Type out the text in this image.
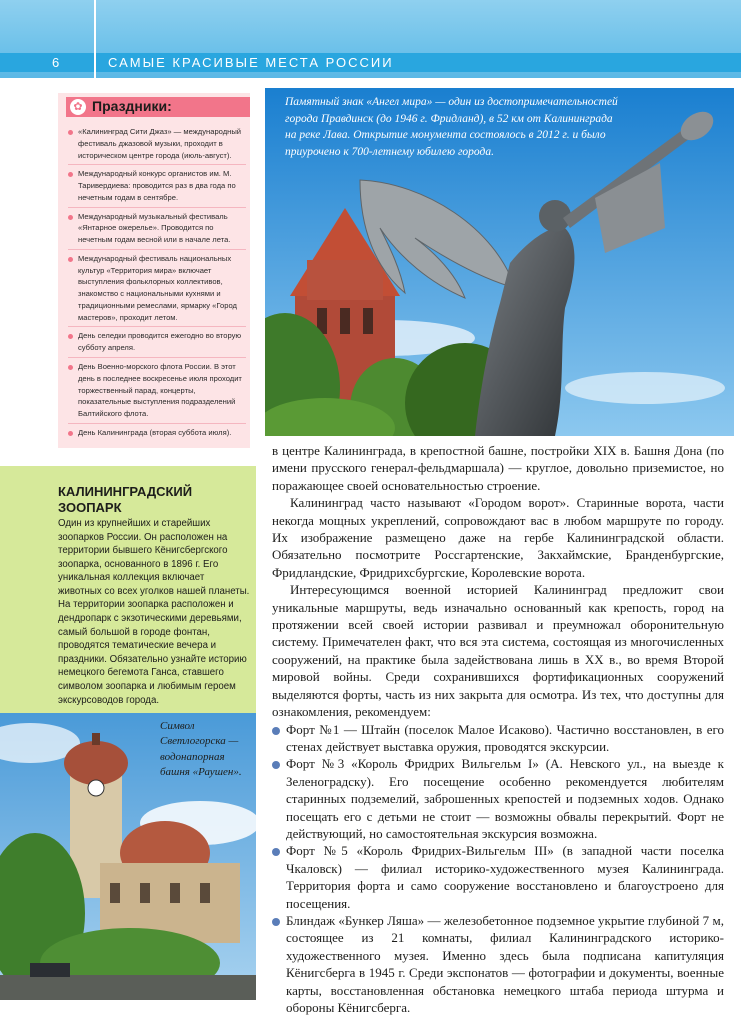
6	САМЫЕ КРАСИВЫЕ МЕСТА РОССИИ
✿ Праздники:
«Калининград Сити Джаз» — международный фестиваль джазовой музыки, проходит в историческом центре города (июль-август).
Международный конкурс органистов им. М. Таривердиева: проводится раз в два года по нечетным годам в сентябре.
Международный музыкальный фестиваль «Янтарное ожерелье». Проводится по нечетным годам весной или в начале лета.
Международный фестиваль национальных культур «Территория мира» включает выступления фольклорных коллективов, знакомство с национальными кухнями и традиционными ремеслами, ярмарку «Город мастеров», проходит летом.
День селедки проводится ежегодно во вторую субботу апреля.
День Военно-морского флота России. В этот день в последнее воскресенье июля проходит торжественный парад, концерты, показательные выступления подразделений Балтийского флота.
День Калининграда (вторая суббота июля).
КАЛИНИНГРАДСКИЙ ЗООПАРК
Один из крупнейших и старейших зоопарков России. Он расположен на территории бывшего Кёнигсбергского зоопарка, основанного в 1896 г. Его уникальная коллекция включает животных со всех уголков нашей планеты. На территории зоопарка расположен и дендропарк с экзотическими деревьями, самый большой в городе фонтан, проводятся тематические вечера и праздники. Обязательно узнайте историю немецкого бегемота Ганса, ставшего символом зоопарка и любимым героем экскурсоводов города.
Памятный знак «Ангел мира» — один из достопримечательностей города Правдинск (до 1946 г. Фридланд), в 52 км от Калининграда на реке Лава. Открытие монумента состоялось в 2012 г. и было приурочено к 700-летнему юбилею города.
Символ Светлогорска — водонапорная башня «Раушен».

в центре Калининграда, в крепостной башне, постройки XIX в. Башня Дона (по имени прусского генерал-фельдмаршала) — круглое, довольно приземистое, но поражающее своей основательностью строение.

Калининград часто называют «Городом ворот». Старинные ворота, части некогда мощных укреплений, сопровождают вас в любом маршруте по городу. Их изображение размещено даже на гербе Калининградской области. Обязательно посмотрите Россгартенские, Закхаймские, Бранденбургские, Фридландские, Фридрихсбургские, Королевские ворота.

Интересующимся военной историей Калининград предложит свои уникальные маршруты, ведь изначально основанный как крепость, город на протяжении всей своей истории развивал и преумножал оборонительную систему. Примечателен факт, что вся эта система, состоящая из многочисленных сооружений, на практике была задействована лишь в XX в., во время Второй мировой войны. Среди сохранившихся фортификационных сооружений выделяются форты, часть из них закрыта для осмотра. Из тех, что доступны для ознакомления, рекомендуем:

Форт №1 — Штайн (поселок Малое Исаково). Частично восстановлен, в его стенах действует выставка оружия, проводятся экскурсии.
Форт №3 «Король Фридрих Вильгельм I» (А. Невского ул., на выезде к Зеленоградску). Его посещение особенно рекомендуется любителям старинных подземелий, заброшенных крепостей и подземных ходов. Однако посещать его с детьми не стоит — возможны обвалы перекрытий. Форт не действующий, но самостоятельная экскурсия возможна.
Форт №5 «Король Фридрих-Вильгельм III» (в западной части поселка Чкаловск) — филиал историко-художественного музея Калининграда. Территория форта и само сооружение восстановлено и благоустроено для посещения.
Блиндаж «Бункер Ляша» — железобетонное подземное укрытие глубиной 7 м, состоящее из 21 комнаты, филиал Калининградского историко-художественного музея. Именно здесь была подписана капитуляция Кёнигсберга в 1945 г. Среди экспонатов — фотографии и документы, военные карты, восстановленная обстановка немецкого штаба периода штурма и обороны Кёнигсберга.
